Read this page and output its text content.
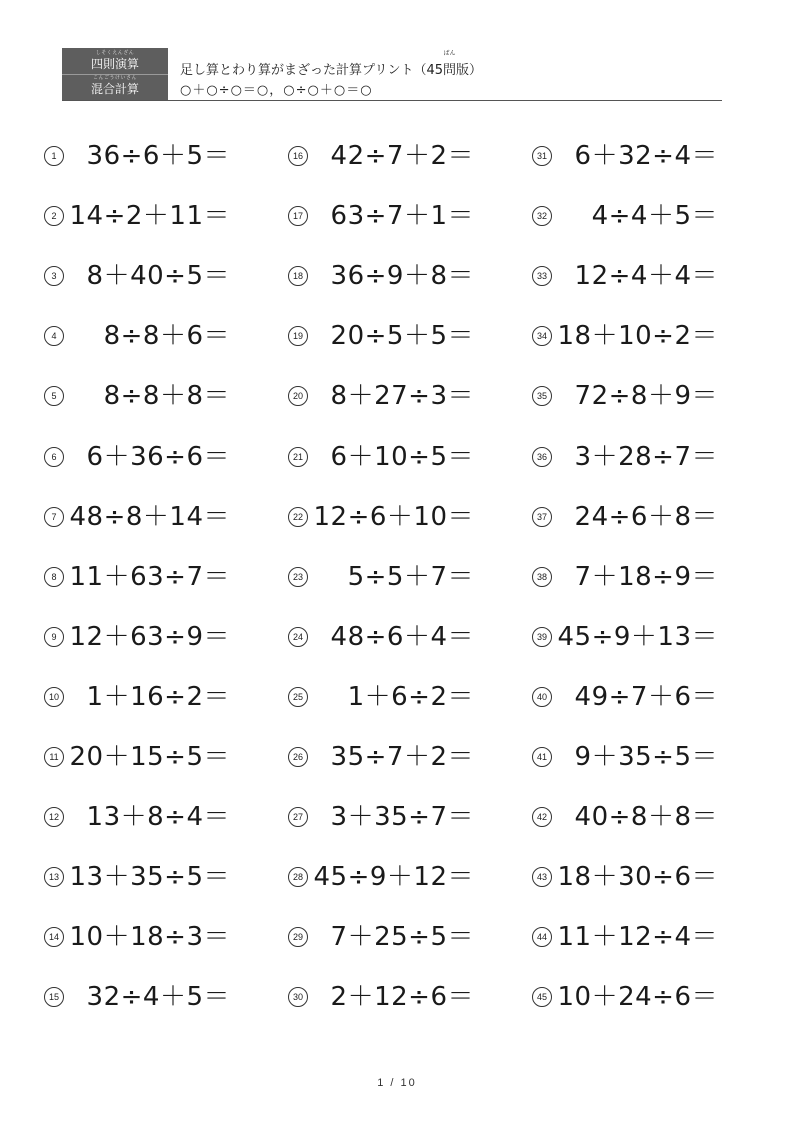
しそくえんざん
四則演算
こんごうけいさん
混合計算
足し算とわり算がまざった計算プリント（45
ばん
問版）
○＋○÷○＝○，○÷○＋○＝○
1 36÷6＋5＝
2 14÷2＋11＝
3 8＋40÷5＝
4 8÷8＋6＝
5 8÷8＋8＝
6 6＋36÷6＝
7 48÷8＋14＝
8 11＋63÷7＝
9 12＋63÷9＝
10 1＋16÷2＝
11 20＋15÷5＝
12 13＋8÷4＝
13 13＋35÷5＝
14 10＋18÷3＝
15 32÷4＋5＝
16 42÷7＋2＝
17 63÷7＋1＝
18 36÷9＋8＝
19 20÷5＋5＝
20 8＋27÷3＝
21 6＋10÷5＝
22 12÷6＋10＝
23 5÷5＋7＝
24 48÷6＋4＝
25 1＋6÷2＝
26 35÷7＋2＝
27 3＋35÷7＝
28 45÷9＋12＝
29 7＋25÷5＝
30 2＋12÷6＝
31 6＋32÷4＝
32 4÷4＋5＝
33 12÷4＋4＝
34 18＋10÷2＝
35 72÷8＋9＝
36 3＋28÷7＝
37 24÷6＋8＝
38 7＋18÷9＝
39 45÷9＋13＝
40 49÷7＋6＝
41 9＋35÷5＝
42 40÷8＋8＝
43 18＋30÷6＝
44 11＋12÷4＝
45 10＋24÷6＝
1 / 10
